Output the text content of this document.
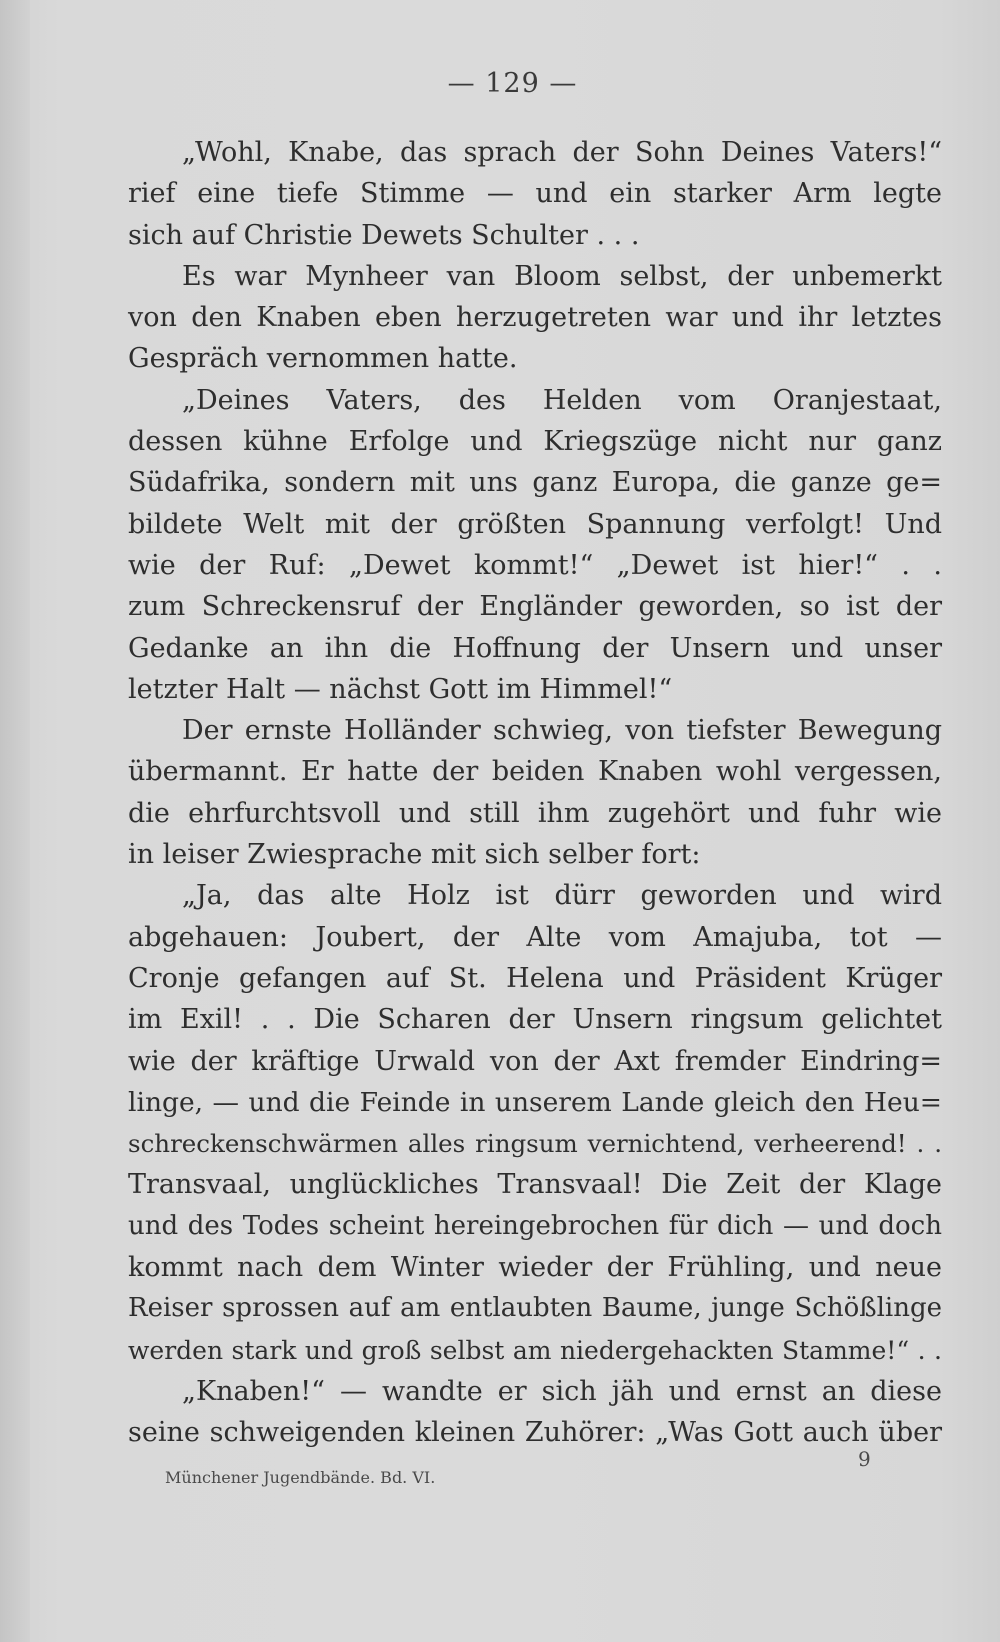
— 129 —
„Wohl, Knabe, das sprach der Sohn Deines Vaters!“
rief eine tiefe Stimme — und ein starker Arm legte
sich auf Christie Dewets Schulter . . .
Es war Mynheer van Bloom selbst, der unbemerkt
von den Knaben eben herzugetreten war und ihr letztes
Gespräch vernommen hatte.
„Deines Vaters, des Helden vom Oranjestaat,
dessen kühne Erfolge und Kriegszüge nicht nur ganz
Südafrika, sondern mit uns ganz Europa, die ganze ge=
bildete Welt mit der größten Spannung verfolgt! Und
wie der Ruf: „Dewet kommt!“ „Dewet ist hier!“ . .
zum Schreckensruf der Engländer geworden, so ist der
Gedanke an ihn die Hoffnung der Unsern und unser
letzter Halt — nächst Gott im Himmel!“
Der ernste Holländer schwieg, von tiefster Bewegung
übermannt. Er hatte der beiden Knaben wohl vergessen,
die ehrfurchtsvoll und still ihm zugehört und fuhr wie
in leiser Zwiesprache mit sich selber fort:
„Ja, das alte Holz ist dürr geworden und wird
abgehauen: Joubert, der Alte vom Amajuba, tot —
Cronje gefangen auf St. Helena und Präsident Krüger
im Exil! . . Die Scharen der Unsern ringsum gelichtet
wie der kräftige Urwald von der Axt fremder Eindring=
linge, — und die Feinde in unserem Lande gleich den Heu=
schreckenschwärmen alles ringsum vernichtend, verheerend! . .
Transvaal, unglückliches Transvaal! Die Zeit der Klage
und des Todes scheint hereingebrochen für dich — und doch
kommt nach dem Winter wieder der Frühling, und neue
Reiser sprossen auf am entlaubten Baume, junge Schößlinge
werden stark und groß selbst am niedergehackten Stamme!“ . .
„Knaben!“ — wandte er sich jäh und ernst an diese
seine schweigenden kleinen Zuhörer: „Was Gott auch über
Münchener Jugendbände. Bd. VI.
9
